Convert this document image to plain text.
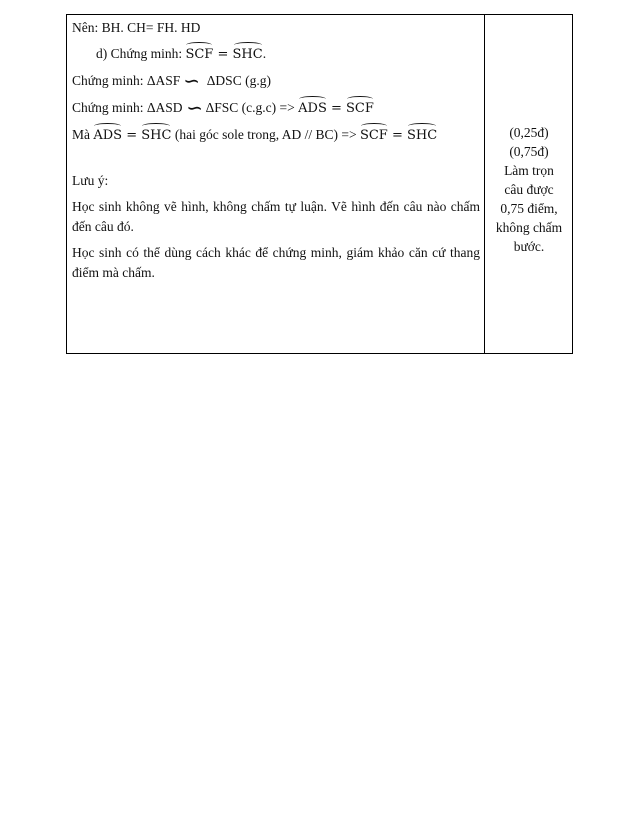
Nên: BH. CH= FH. HD

d) Chứng minh: SCF = SHC.

Chứng minh: ΔASF ∽ ΔDSC (g.g)

Chứng minh: ΔASD ∽ ΔFSC (c.g.c) => ADS = SCF

Mà ADS = SHC (hai góc sole trong, AD // BC) => SCF = SHC

Lưu ý:

Học sinh không vẽ hình, không chấm tự luận. Vẽ hình đến câu nào chấm đến câu đó.

Học sinh có thể dùng cách khác để chứng minh, giám khảo căn cứ thang điểm mà chấm.

(0,25đ)
(0,75đ)
Làm trọn
câu được
0,75 điểm,
không chấm
bước.
